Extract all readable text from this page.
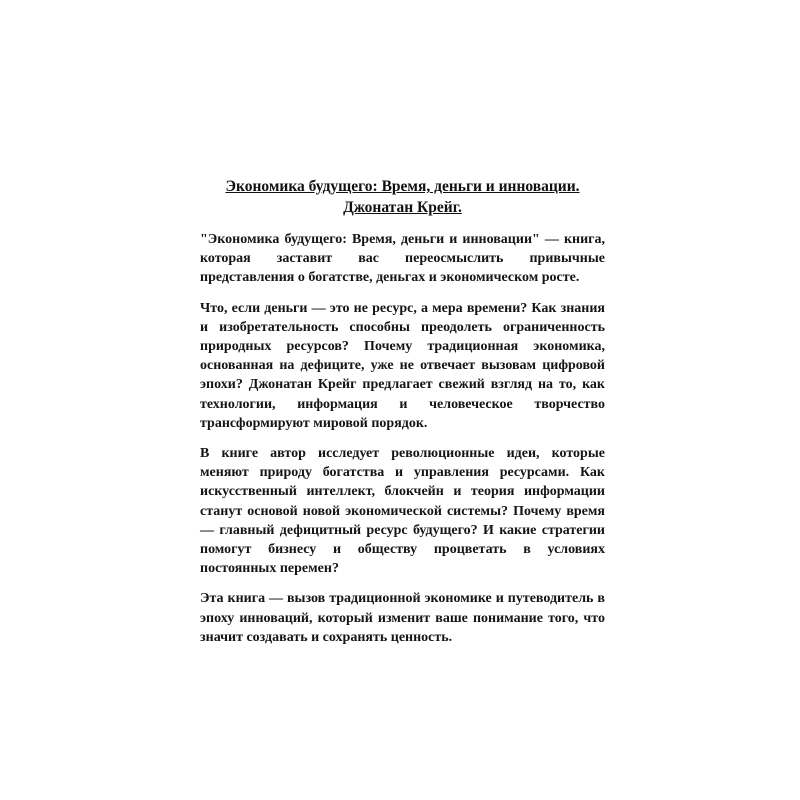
Экономика будущего: Время, деньги и инновации.
Джонатан Крейг.

"Экономика будущего: Время, деньги и инновации" — книга, которая заставит вас переосмыслить привычные представления о богатстве, деньгах и экономическом росте.

Что, если деньги — это не ресурс, а мера времени? Как знания и изобретательность способны преодолеть ограниченность природных ресурсов? Почему традиционная экономика, основанная на дефиците, уже не отвечает вызовам цифровой эпохи? Джонатан Крейг предлагает свежий взгляд на то, как технологии, информация и человеческое творчество трансформируют мировой порядок.

В книге автор исследует революционные идеи, которые меняют природу богатства и управления ресурсами. Как искусственный интеллект, блокчейн и теория информации станут основой новой экономической системы? Почему время — главный дефицитный ресурс будущего? И какие стратегии помогут бизнесу и обществу процветать в условиях постоянных перемен?

Эта книга — вызов традиционной экономике и путеводитель в эпоху инноваций, который изменит ваше понимание того, что значит создавать и сохранять ценность.
